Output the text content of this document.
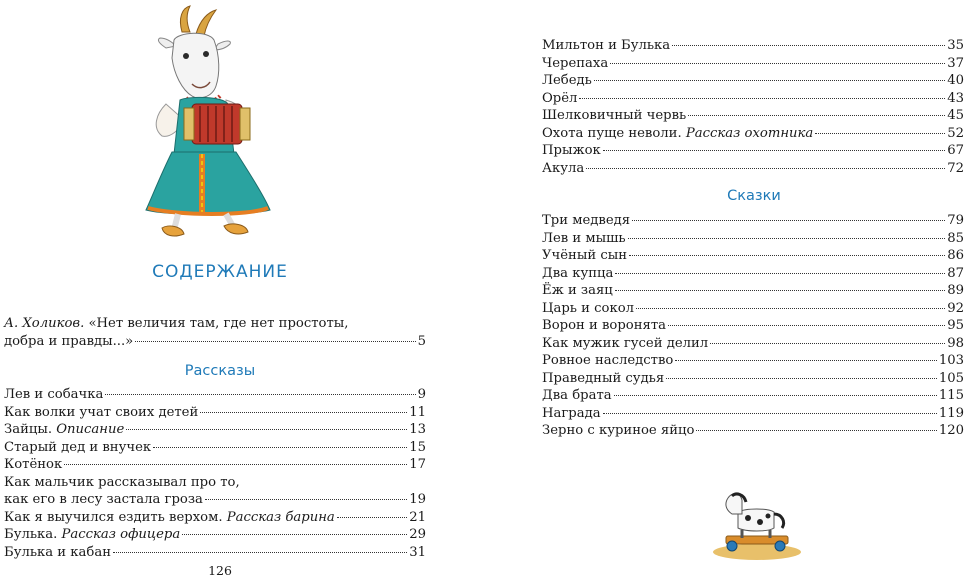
СОДЕРЖАНИЕ
А. Холиков. «Нет величия там, где нет простоты,
добра и правды...»	5
Рассказы
Лев и собачка	9
Как волки учат своих детей	11
Зайцы. Описание	13
Старый дед и внучек	15
Котёнок	17
Как мальчик рассказывал про то,
как его в лесу застала гроза	19
Как я выучился ездить верхом. Рассказ барина	21
Булька. Рассказ офицера	29
Булька и кабан	31
126
Мильтон и Булька	35
Черепаха	37
Лебедь	40
Орёл	43
Шелковичный червь	45
Охота пуще неволи. Рассказ охотника	52
Прыжок	67
Акула	72
Сказки
Три медведя	79
Лев и мышь	85
Учёный сын	86
Два купца	87
Ёж и заяц	89
Царь и сокол	92
Ворон и воронята	95
Как мужик гусей делил	98
Ровное наследство	103
Праведный судья	105
Два брата	115
Награда	119
Зерно с куриное яйцо	120
